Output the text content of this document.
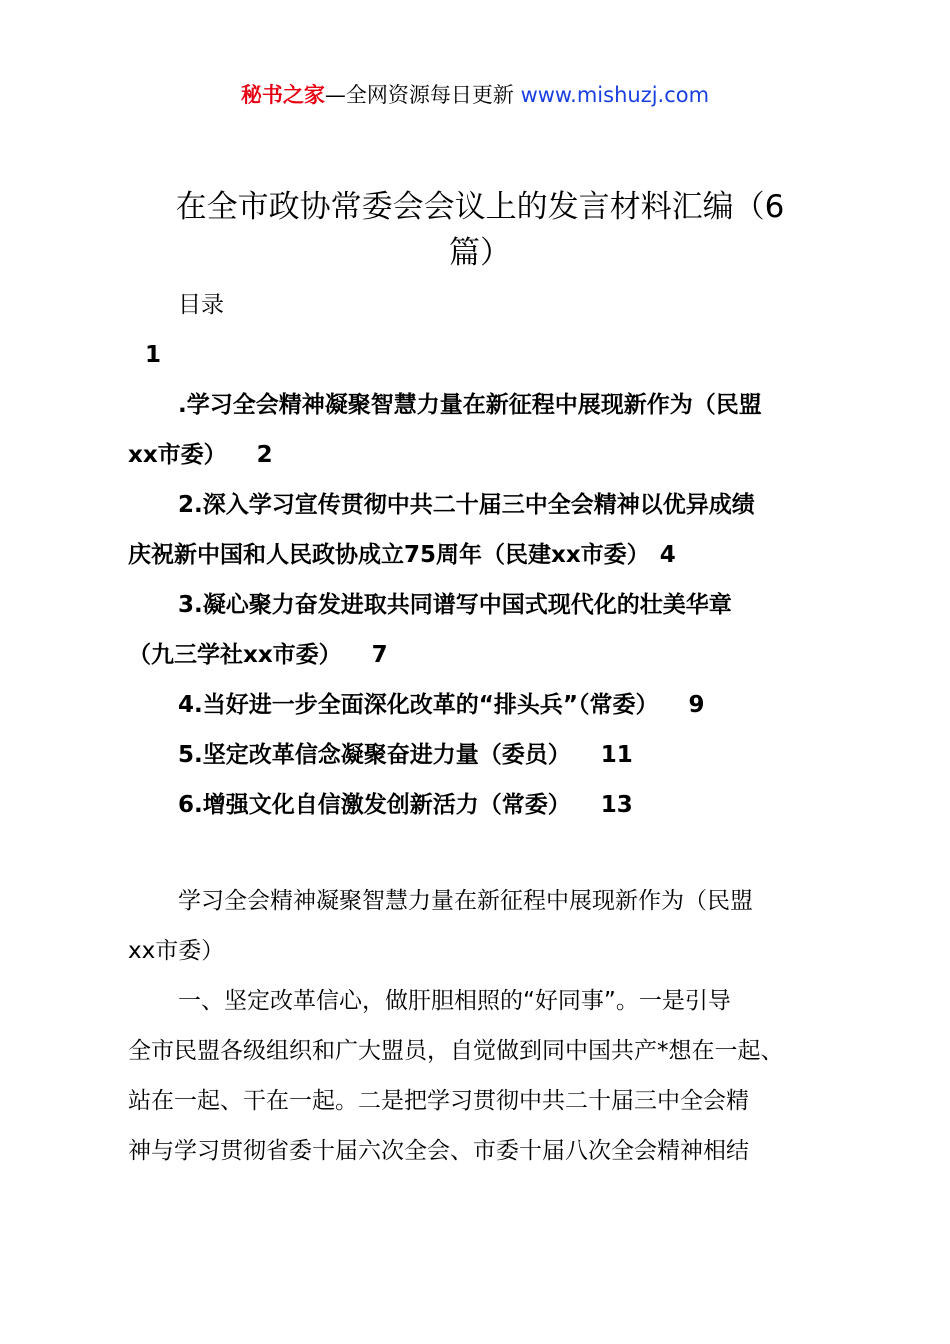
秘书之家—全网资源每日更新 www.mishuzj.com
在全市政协常委会会议上的发言材料汇编（6
篇）
目录
1
.学习全会精神凝聚智慧力量在新征程中展现新作为（民盟
xx市委） 2
2.深入学习宣传贯彻中共二十届三中全会精神以优异成绩
庆祝新中国和人民政协成立75周年（民建xx市委） 4
3.凝心聚力奋发进取共同谱写中国式现代化的壮美华章
（九三学社xx市委） 7
4.当好进一步全面深化改革的“排头兵”（常委） 9
5.坚定改革信念凝聚奋进力量（委员） 11
6.增强文化自信激发创新活力（常委） 13
学习全会精神凝聚智慧力量在新征程中展现新作为（民盟
xx市委）
一、坚定改革信心，做肝胆相照的“好同事”。一是引导
全市民盟各级组织和广大盟员，自觉做到同中国共产*想在一起、
站在一起、干在一起。二是把学习贯彻中共二十届三中全会精
神与学习贯彻省委十届六次全会、市委十届八次全会精神相结
